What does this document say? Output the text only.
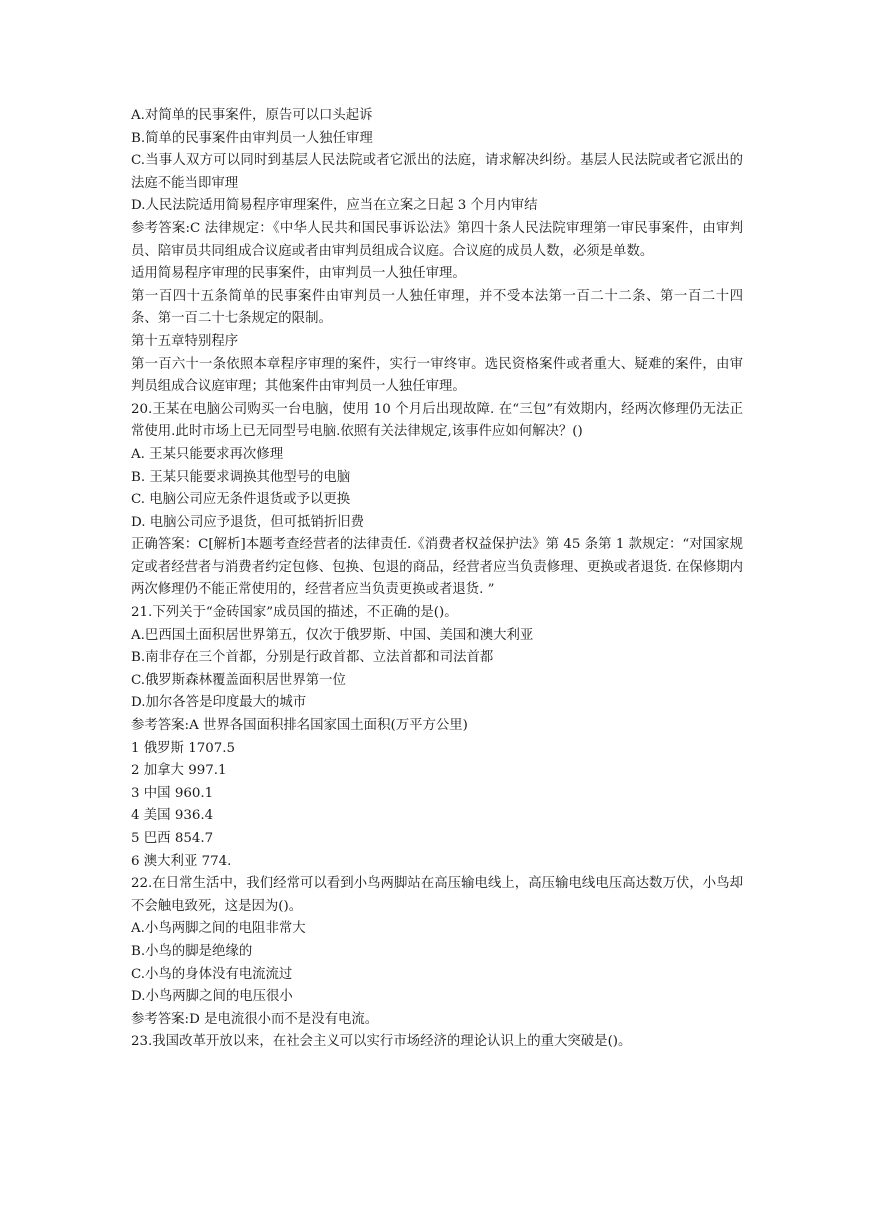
A.对简单的民事案件，原告可以口头起诉

B.简单的民事案件由审判员一人独任审理

C.当事人双方可以同时到基层人民法院或者它派出的法庭，请求解决纠纷。基层人民法院或者它派出的法庭不能当即审理

D.人民法院适用简易程序审理案件，应当在立案之日起 3 个月内审结

参考答案:C 法律规定：《中华人民共和国民事诉讼法》第四十条人民法院审理第一审民事案件，由审判员、陪审员共同组成合议庭或者由审判员组成合议庭。合议庭的成员人数，必须是单数。

适用简易程序审理的民事案件，由审判员一人独任审理。

第一百四十五条简单的民事案件由审判员一人独任审理，并不受本法第一百二十二条、第一百二十四条、第一百二十七条规定的限制。

第十五章特别程序

第一百六十一条依照本章程序审理的案件，实行一审终审。选民资格案件或者重大、疑难的案件，由审判员组成合议庭审理；其他案件由审判员一人独任审理。

20.王某在电脑公司购买一台电脑，使用 10 个月后出现故障. 在“三包”有效期内，经两次修理仍无法正常使用.此时市场上已无同型号电脑.依照有关法律规定,该事件应如何解决？()

A. 王某只能要求再次修理

B. 王某只能要求调换其他型号的电脑

C. 电脑公司应无条件退货或予以更换

D. 电脑公司应予退货，但可抵销折旧费

正确答案：C[解析]本题考查经营者的法律责任.《消费者权益保护法》第 45 条第 1 款规定：“对国家规定或者经营者与消费者约定包修、包换、包退的商品，经营者应当负责修理、更换或者退货. 在保修期内两次修理仍不能正常使用的，经营者应当负责更换或者退货. ”

21.下列关于“金砖国家”成员国的描述，不正确的是()。

A.巴西国土面积居世界第五，仅次于俄罗斯、中国、美国和澳大利亚

B.南非存在三个首都，分别是行政首都、立法首都和司法首都

C.俄罗斯森林覆盖面积居世界第一位

D.加尔各答是印度最大的城市

参考答案:A 世界各国面积排名国家国土面积(万平方公里)

1 俄罗斯 1707.5

2 加拿大 997.1

3 中国 960.1

4 美国 936.4

5 巴西 854.7

6 澳大利亚 774.

22.在日常生活中，我们经常可以看到小鸟两脚站在高压输电线上，高压输电线电压高达数万伏，小鸟却不会触电致死，这是因为()。

A.小鸟两脚之间的电阻非常大

B.小鸟的脚是绝缘的

C.小鸟的身体没有电流流过

D.小鸟两脚之间的电压很小

参考答案:D 是电流很小而不是没有电流。

23.我国改革开放以来，在社会主义可以实行市场经济的理论认识上的重大突破是()。
